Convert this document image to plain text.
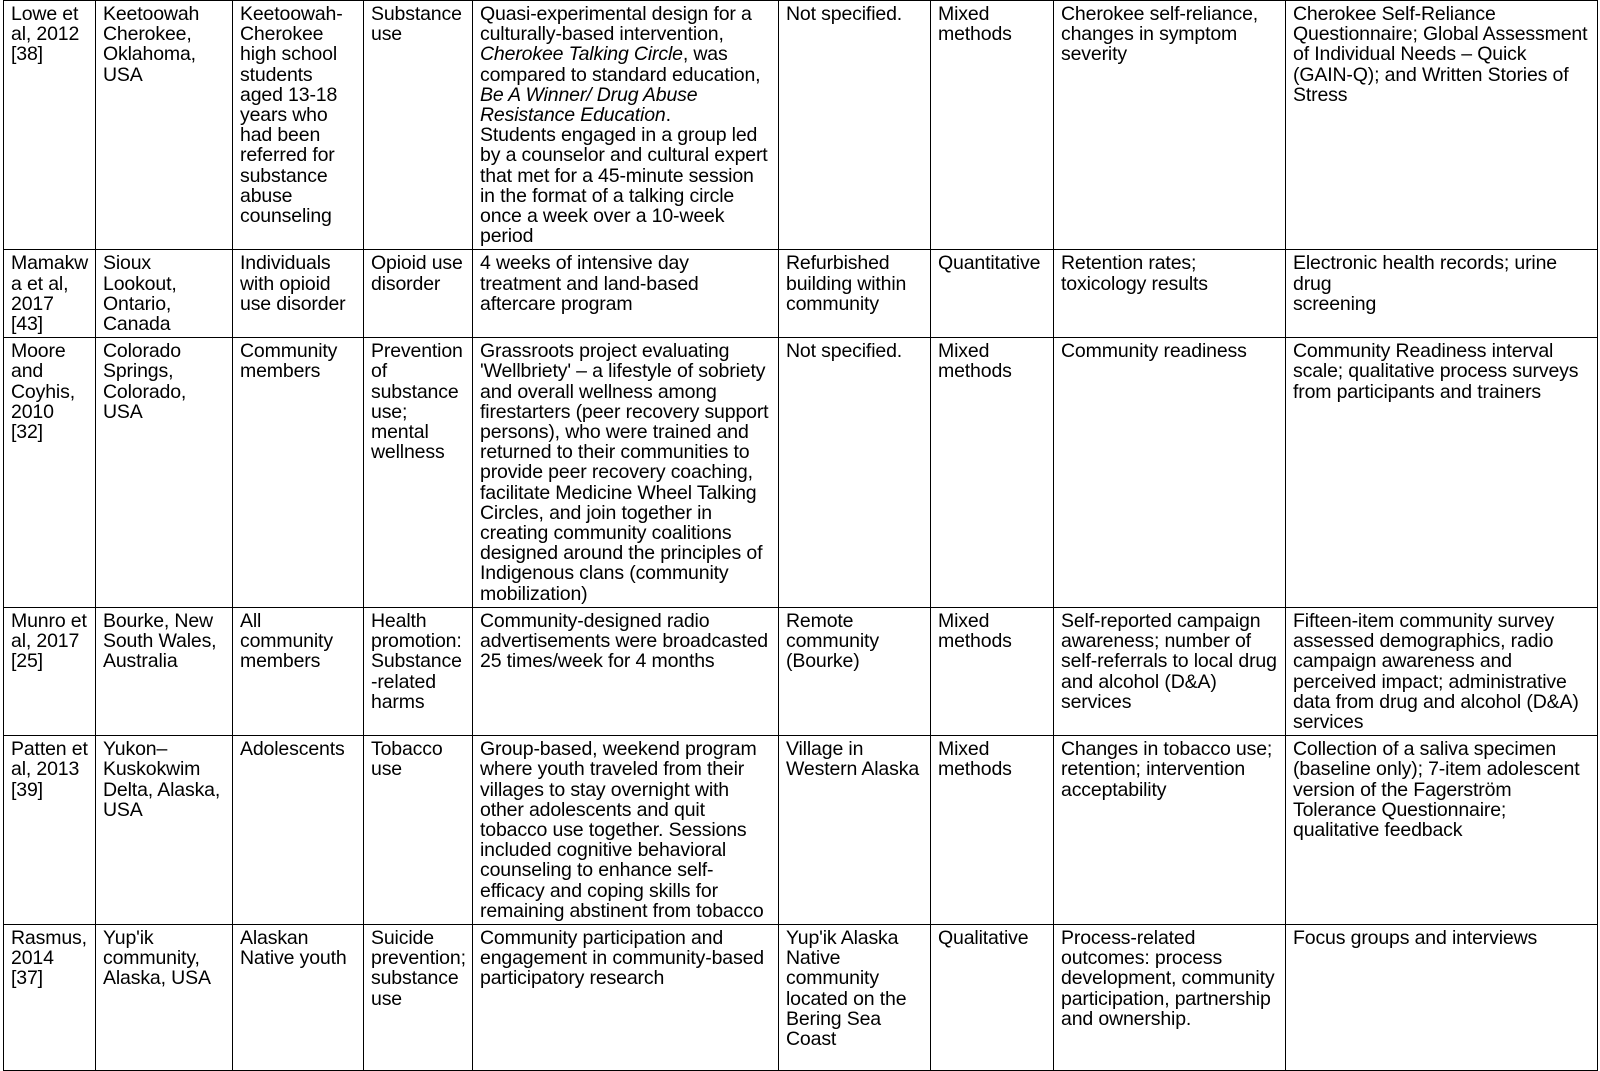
Lowe et al, 2012 [38]	Keetoowah Cherokee, Oklahoma, USA	Keetoowah-Cherokee high school students aged 13-18 years who had been referred for substance abuse counseling	Substance use	Quasi-experimental design for a culturally-based intervention, Cherokee Talking Circle, was compared to standard education, Be A Winner/ Drug Abuse Resistance Education.
Students engaged in a group led by a counselor and cultural expert that met for a 45-minute session in the format of a talking circle once a week over a 10-week period	Not specified.	Mixed methods	Cherokee self-reliance, changes in symptom severity	Cherokee Self-Reliance Questionnaire; Global Assessment of Individual Needs – Quick (GAIN-Q); and Written Stories of Stress

Mamakwa et al, 2017 [43]	Sioux Lookout, Ontario, Canada	Individuals with opioid use disorder	Opioid use disorder	4 weeks of intensive day treatment and land-based aftercare program	Refurbished building within community	Quantitative	Retention rates; toxicology results	Electronic health records; urine drug
screening

Moore and Coyhis, 2010 [32]	Colorado Springs, Colorado, USA	Community members	Prevention of substance use; mental wellness	Grassroots project evaluating 'Wellbriety' – a lifestyle of sobriety and overall wellness among firestarters (peer recovery support persons), who were trained and returned to their communities to provide peer recovery coaching, facilitate Medicine Wheel Talking Circles, and join together in creating community coalitions designed around the principles of Indigenous clans (community mobilization)	Not specified.	Mixed methods	Community readiness	Community Readiness interval scale; qualitative process surveys from participants and trainers

Munro et al, 2017 [25]	Bourke, New South Wales, Australia	All community members	Health promotion: Substance-related harms	Community-designed radio advertisements were broadcasted 25 times/week for 4 months	Remote community (Bourke)	Mixed methods	Self-reported campaign awareness; number of self-referrals to local drug and alcohol (D&A) services	Fifteen-item community survey assessed demographics, radio campaign awareness and perceived impact; administrative data from drug and alcohol (D&A) services

Patten et al, 2013 [39]	Yukon–Kuskokwim Delta, Alaska, USA	Adolescents	Tobacco use	Group-based, weekend program where youth traveled from their villages to stay overnight with other adolescents and quit tobacco use together. Sessions included cognitive behavioral counseling to enhance self-efficacy and coping skills for remaining abstinent from tobacco	Village in Western Alaska	Mixed methods	Changes in tobacco use; retention; intervention acceptability	Collection of a saliva specimen (baseline only); 7-item adolescent version of the Fagerström Tolerance Questionnaire; qualitative feedback

Rasmus, 2014 [37]	Yup'ik community, Alaska, USA	Alaskan Native youth	Suicide prevention; substance use	Community participation and engagement in community-based participatory research	Yup'ik Alaska Native community located on the Bering Sea Coast	Qualitative	Process-related outcomes: process development, community participation, partnership and ownership.	Focus groups and interviews
